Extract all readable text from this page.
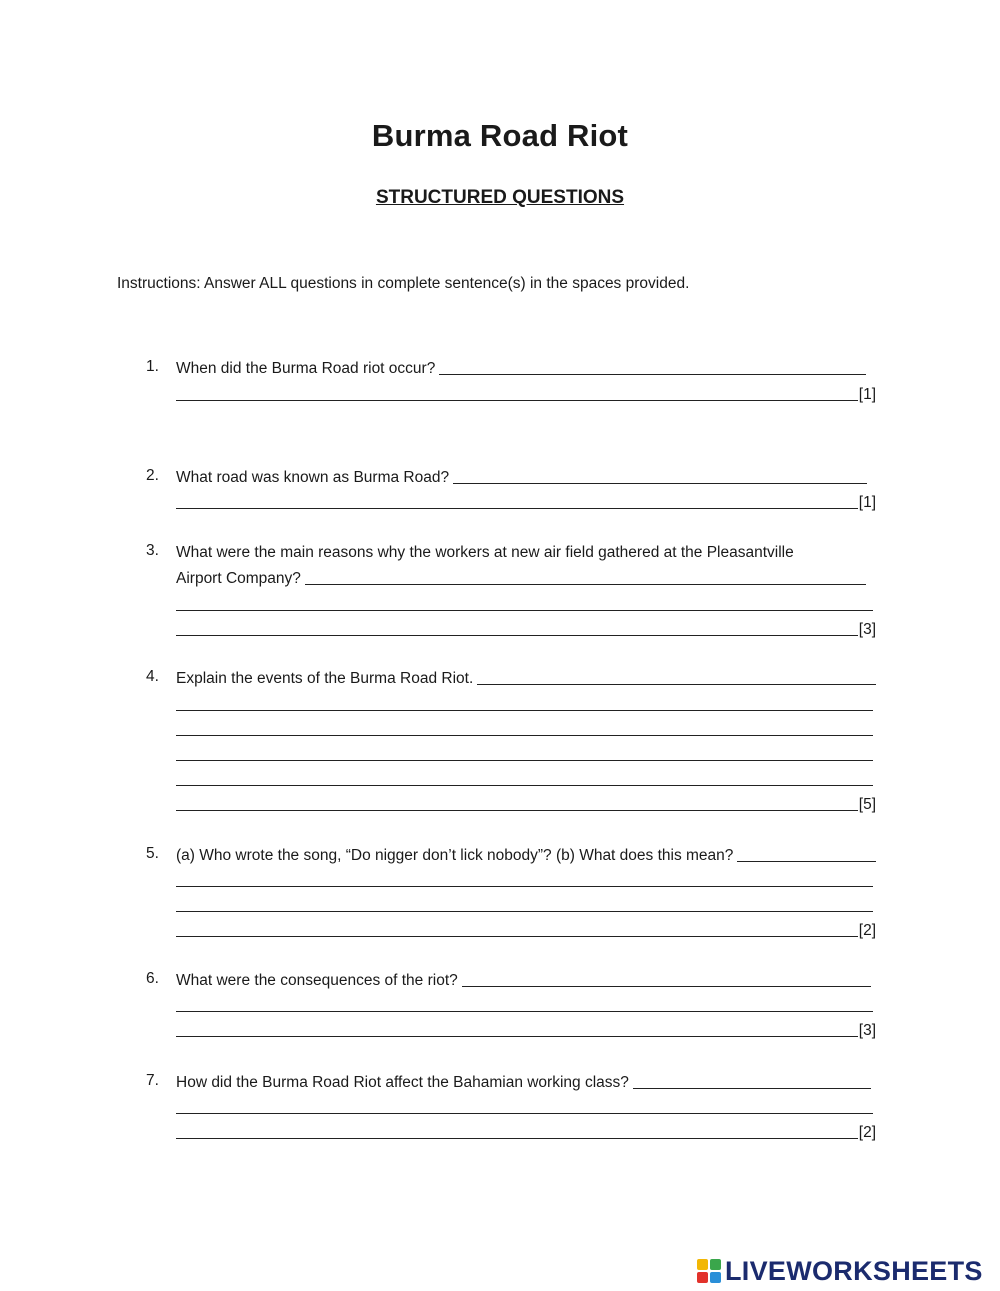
Burma Road Riot
STRUCTURED QUESTIONS
Instructions: Answer ALL questions in complete sentence(s) in the spaces provided.
1. When did the Burma Road riot occur?
[1]
2. What road was known as Burma Road?
[1]
3. What were the main reasons why the workers at new air field gathered at the Pleasantville
Airport Company?
[3]
4. Explain the events of the Burma Road Riot.
[5]
5. (a) Who wrote the song, “Do nigger don’t lick nobody”? (b) What does this mean?
[2]
6. What were the consequences of the riot?
[3]
7. How did the Burma Road Riot affect the Bahamian working class?
[2]
LIVEWORKSHEETS
